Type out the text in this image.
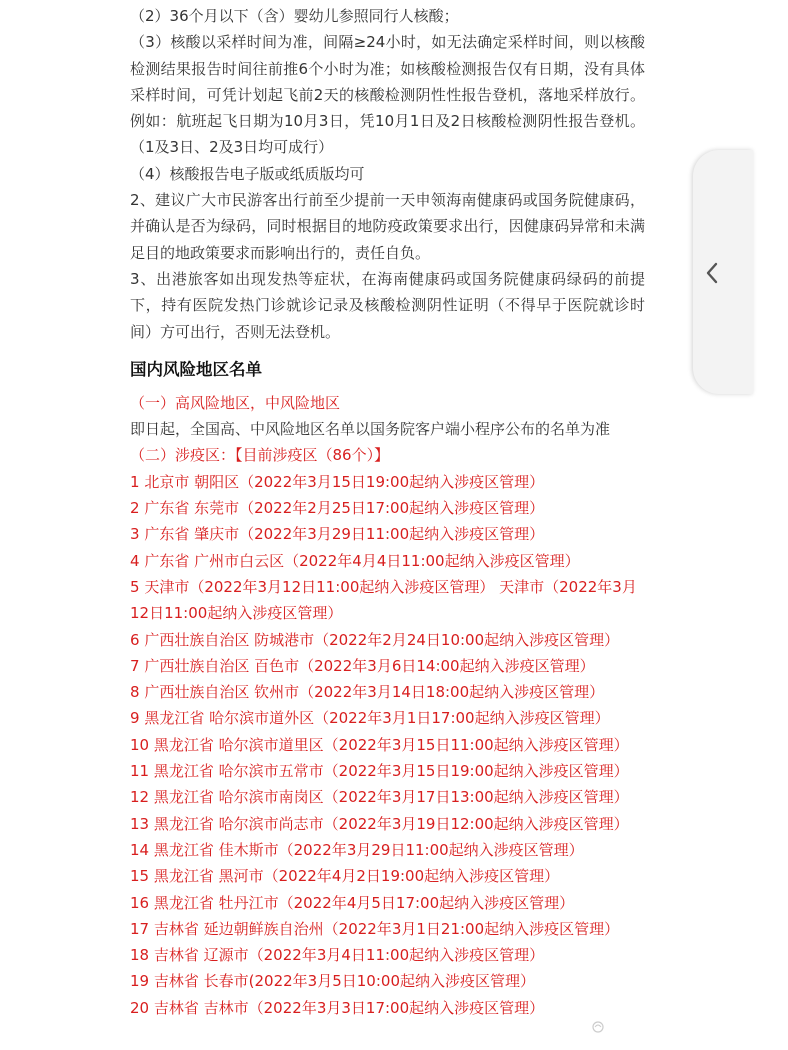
（2）36个月以下（含）婴幼儿参照同行人核酸；

（3）核酸以采样时间为准，间隔≥24小时，如无法确定采样时间，则以核酸检测结果报告时间往前推6个小时为准；如核酸检测报告仅有日期，没有具体采样时间，可凭计划起飞前2天的核酸检测阴性性报告登机，落地采样放行。例如：航班起飞日期为10月3日，凭10月1日及2日核酸检测阴性报告登机。（1及3日、2及3日均可成行）

（4）核酸报告电子版或纸质版均可

2、建议广大市民游客出行前至少提前一天申领海南健康码或国务院健康码，并确认是否为绿码，同时根据目的地防疫政策要求出行，因健康码异常和未满足目的地政策要求而影响出行的，责任自负。

3、出港旅客如出现发热等症状，在海南健康码或国务院健康码绿码的前提下，持有医院发热门诊就诊记录及核酸检测阴性证明（不得早于医院就诊时间）方可出行，否则无法登机。

国内风险地区名单

（一）高风险地区，中风险地区

即日起，全国高、中风险地区名单以国务院客户端小程序公布的名单为准

（二）涉疫区：【目前涉疫区（86个）】

1 北京市 朝阳区（2022年3月15日19:00起纳入涉疫区管理）

2 广东省 东莞市（2022年2月25日17:00起纳入涉疫区管理）

3 广东省 肇庆市（2022年3月29日11:00起纳入涉疫区管理）

4 广东省 广州市白云区（2022年4月4日11:00起纳入涉疫区管理）

5 天津市（2022年3月12日11:00起纳入涉疫区管理） 天津市（2022年3月12日11:00起纳入涉疫区管理）

6 广西壮族自治区 防城港市（2022年2月24日10:00起纳入涉疫区管理）

7 广西壮族自治区 百色市（2022年3月6日14:00起纳入涉疫区管理）

8 广西壮族自治区 钦州市（2022年3月14日18:00起纳入涉疫区管理）

9 黑龙江省 哈尔滨市道外区（2022年3月1日17:00起纳入涉疫区管理）

10 黑龙江省 哈尔滨市道里区（2022年3月15日11:00起纳入涉疫区管理）

11 黑龙江省 哈尔滨市五常市（2022年3月15日19:00起纳入涉疫区管理）

12 黑龙江省 哈尔滨市南岗区（2022年3月17日13:00起纳入涉疫区管理）

13 黑龙江省 哈尔滨市尚志市（2022年3月19日12:00起纳入涉疫区管理）

14 黑龙江省 佳木斯市（2022年3月29日11:00起纳入涉疫区管理）

15 黑龙江省 黑河市（2022年4月2日19:00起纳入涉疫区管理）

16 黑龙江省 牡丹江市（2022年4月5日17:00起纳入涉疫区管理）

17 吉林省 延边朝鲜族自治州（2022年3月1日21:00起纳入涉疫区管理）

18 吉林省 辽源市（2022年3月4日11:00起纳入涉疫区管理）

19 吉林省 长春市(2022年3月5日10:00起纳入涉疫区管理）

20 吉林省 吉林市（2022年3月3日17:00起纳入涉疫区管理）
